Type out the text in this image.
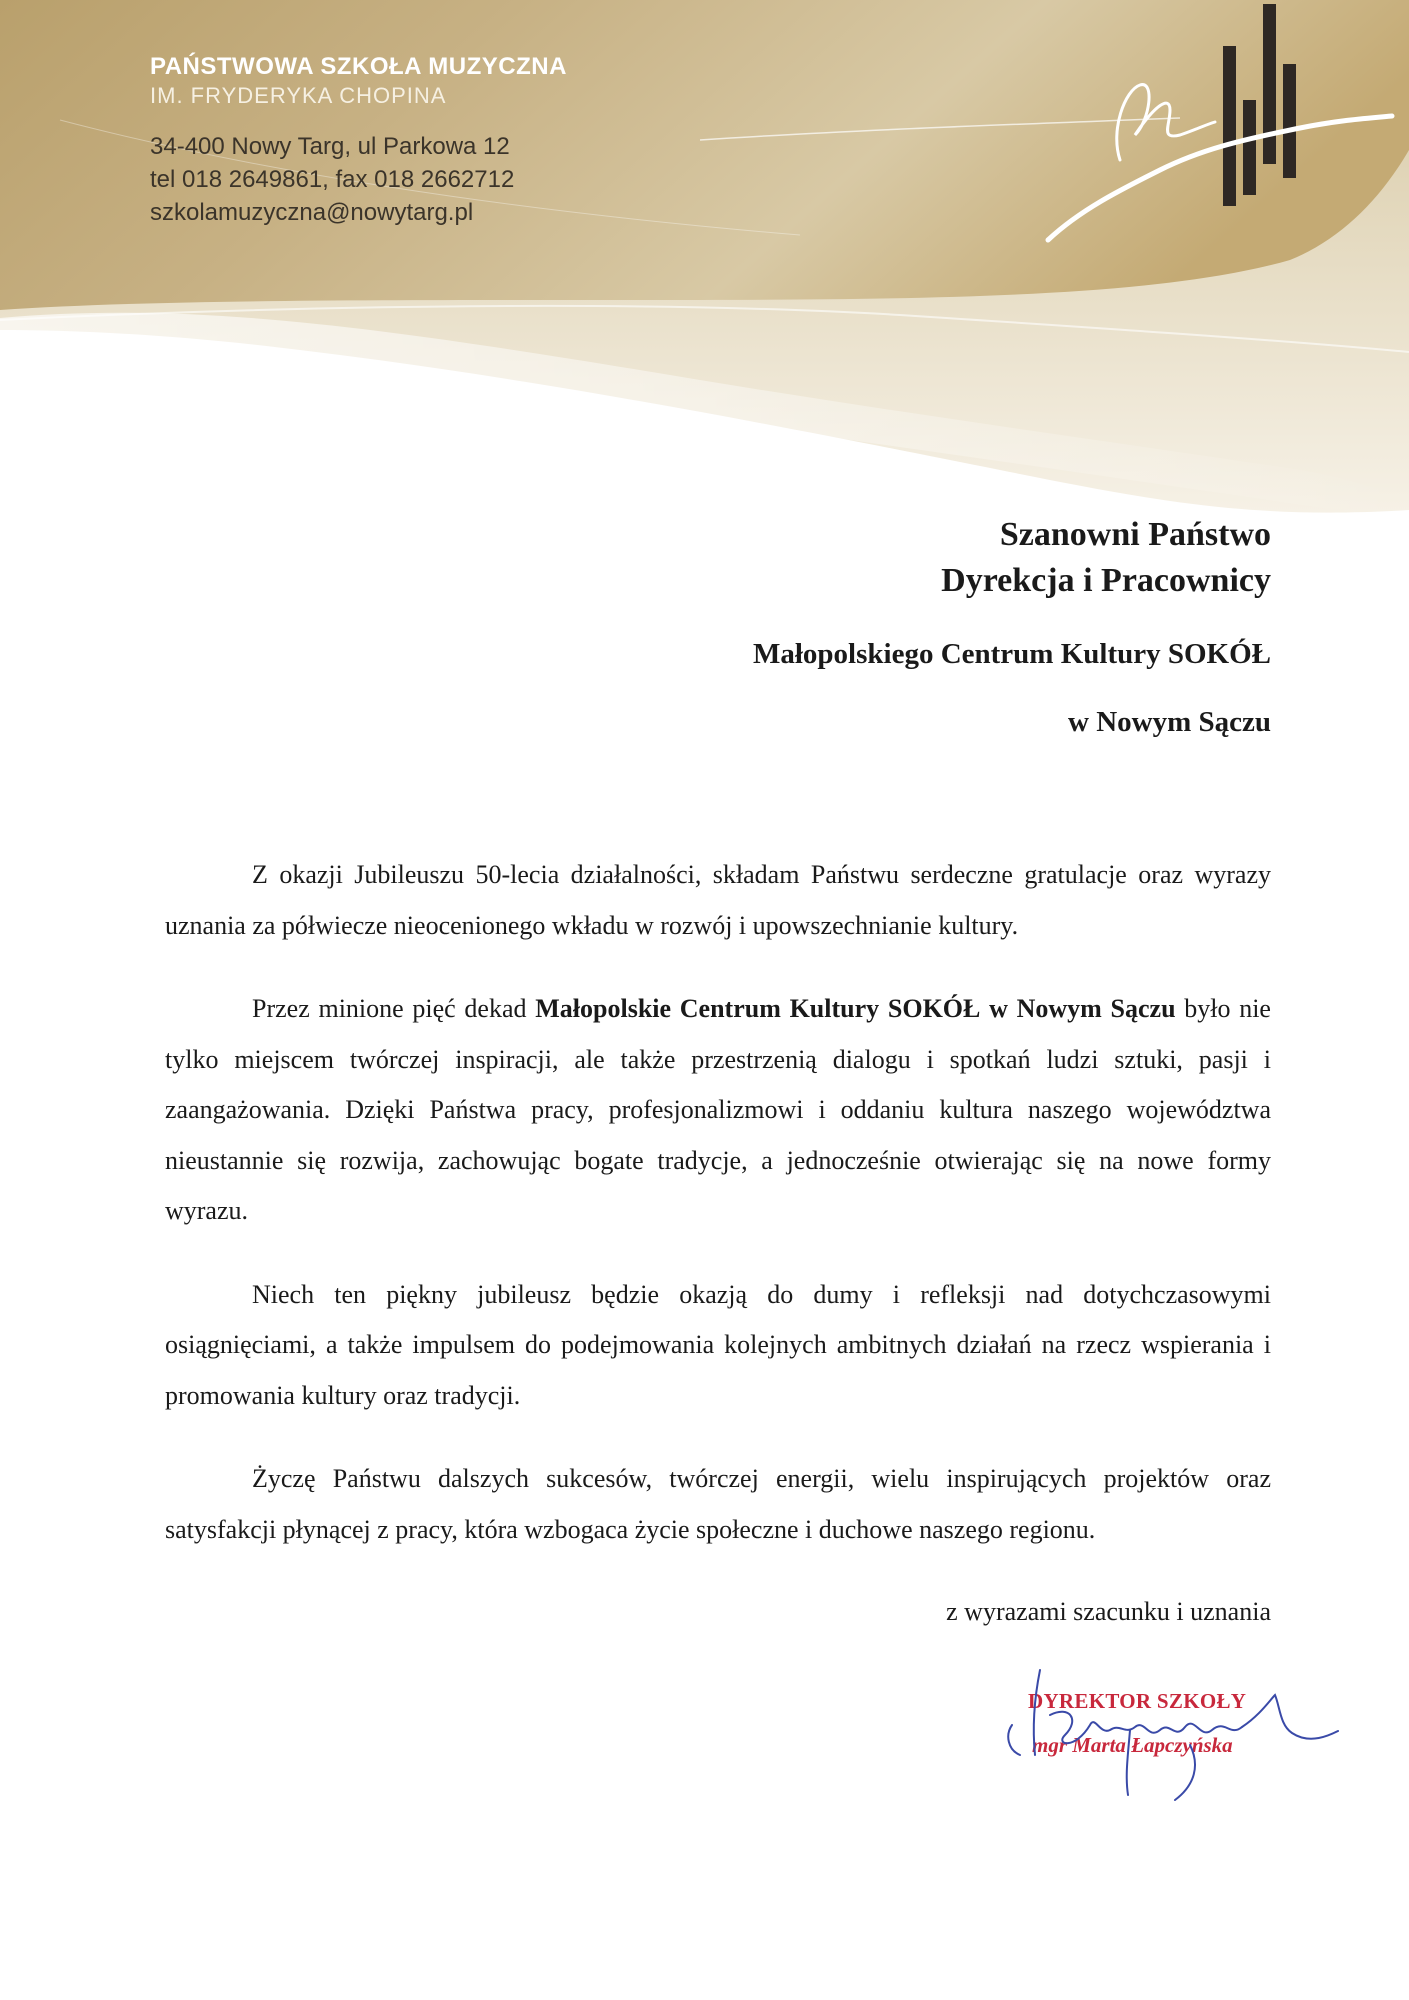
PAŃSTWOWA SZKOŁA MUZYCZNA
IM. FRYDERYKA CHOPINA
34-400 Nowy Targ, ul Parkowa 12
tel 018 2649861, fax 018 2662712
szkolamuzyczna@nowytarg.pl
Szanowni Państwo
Dyrekcja i Pracownicy
Małopolskiego Centrum Kultury SOKÓŁ
w Nowym Sączu

Z okazji Jubileuszu 50-lecia działalności, składam Państwu serdeczne gratulacje oraz wyrazy uznania za półwiecze nieocenionego wkładu w rozwój i upowszechnianie kultury.

Przez minione pięć dekad Małopolskie Centrum Kultury SOKÓŁ w Nowym Sączu było nie tylko miejscem twórczej inspiracji, ale także przestrzenią dialogu i spotkań ludzi sztuki, pasji i zaangażowania. Dzięki Państwa pracy, profesjonalizmowi i oddaniu kultura naszego województwa nieustannie się rozwija, zachowując bogate tradycje, a jednocześnie otwierając się na nowe formy wyrazu.

Niech ten piękny jubileusz będzie okazją do dumy i refleksji nad dotychczasowymi osiągnięciami, a także impulsem do podejmowania kolejnych ambitnych działań na rzecz wspierania i promowania kultury oraz tradycji.

Życzę Państwu dalszych sukcesów, twórczej energii, wielu inspirujących projektów oraz satysfakcji płynącej z pracy, która wzbogaca życie społeczne i duchowe naszego regionu.

z wyrazami szacunku i uznania
DYREKTOR SZKOŁY
mgr Marta Łapczyńska
